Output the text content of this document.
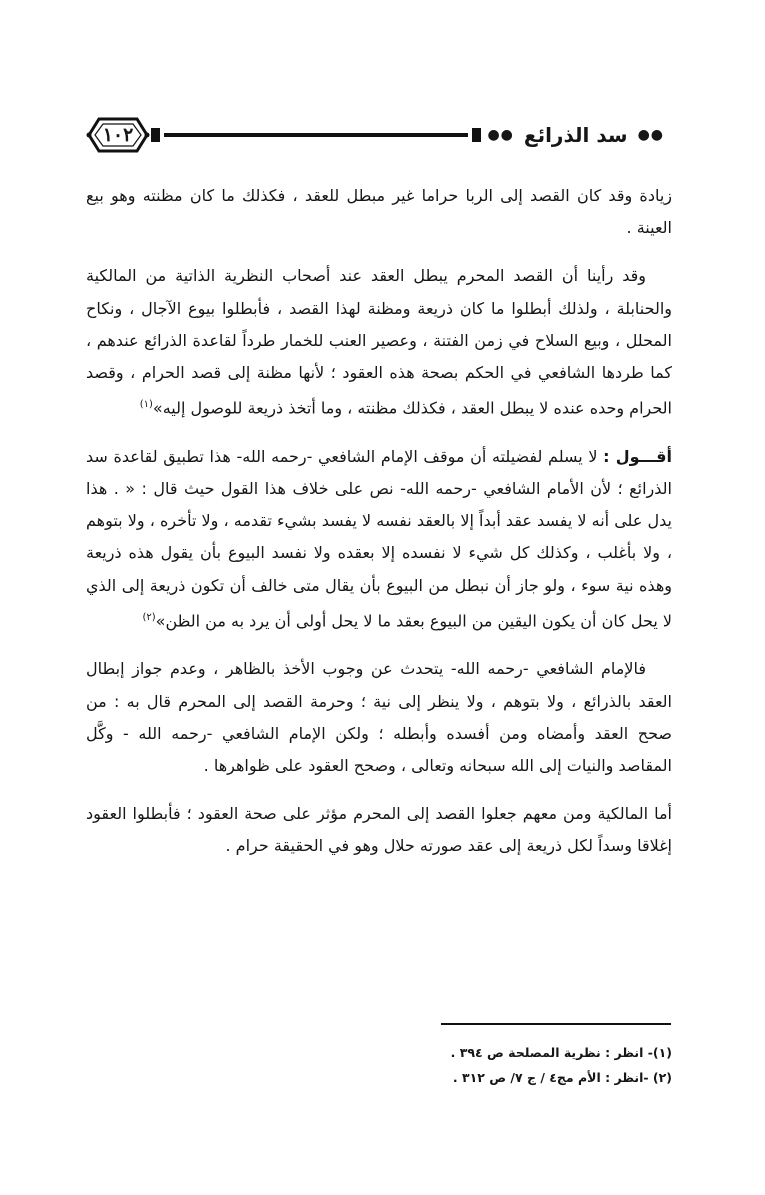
١٠٢	●● سد الذرائع ●●

زيادة وقد كان القصد إلى الربا حراما غير مبطل للعقد ، فكذلك ما كان مظنته وهو بيع العينة .

وقد رأينا أن القصد المحرم يبطل العقد عند أصحاب النظرية الذاتية من المالكية والحنابلة ، ولذلك أبطلوا ما كان ذريعة ومظنة لهذا القصد ، فأبطلوا بيوع الآجال ، ونكاح المحلل ، وبيع السلاح في زمن الفتنة ، وعصير العنب للخمار طرداً لقاعدة الذرائع عندهم ، كما طردها الشافعي في الحكم بصحة هذه العقود ؛ لأنها مظنة إلى قصد الحرام ، وقصد الحرام وحده عنده لا يبطل العقد ، فكذلك مظنته ، وما أتخذ ذريعة للوصول إليه»$^{(١)}$

أقـــول : لا يسلم لفضيلته أن موقف الإمام الشافعي -رحمه الله- هذا تطبيق لقاعدة سد الذرائع ؛ لأن الأمام الشافعي -رحمه الله- نص على خلاف هذا القول حيث قال : « . هذا يدل على أنه لا يفسد عقد أبداً إلا بالعقد نفسه لا يفسد بشيء تقدمه ، ولا تأخره ، ولا بتوهم ، ولا بأغلب ، وكذلك كل شيء لا نفسده إلا بعقده ولا نفسد البيوع بأن يقول هذه ذريعة وهذه نية سوء ، ولو جاز أن نبطل من البيوع بأن يقال متى خالف أن تكون ذريعة إلى الذي لا يحل كان أن يكون اليقين من البيوع بعقد ما لا يحل أولى أن يرد به من الظن»$^{(٢)}$

فالإمام الشافعي -رحمه الله- يتحدث عن وجوب الأخذ بالظاهر ، وعدم جواز إبطال العقد بالذرائع ، ولا بتوهم ، ولا ينظر إلى نية ؛ وحرمة القصد إلى المحرم قال به : من صحح العقد وأمضاه ومن أفسده وأبطله ؛ ولكن الإمام الشافعي -رحمه الله - وكَّل المقاصد والنيات إلى الله سبحانه وتعالى ، وصحح العقود على ظواهرها .

أما المالكية ومن معهم جعلوا القصد إلى المحرم مؤثر على صحة العقود ؛ فأبطلوا العقود إغلاقا وسداً لكل ذريعة إلى عقد صورته حلال وهو في الحقيقة حرام .

(١)- انظر : نظرية المصلحة ص ٣٩٤ .
(٢) -انظر : الأم مج٤ / ج ٧/ ص ٣١٢ .
